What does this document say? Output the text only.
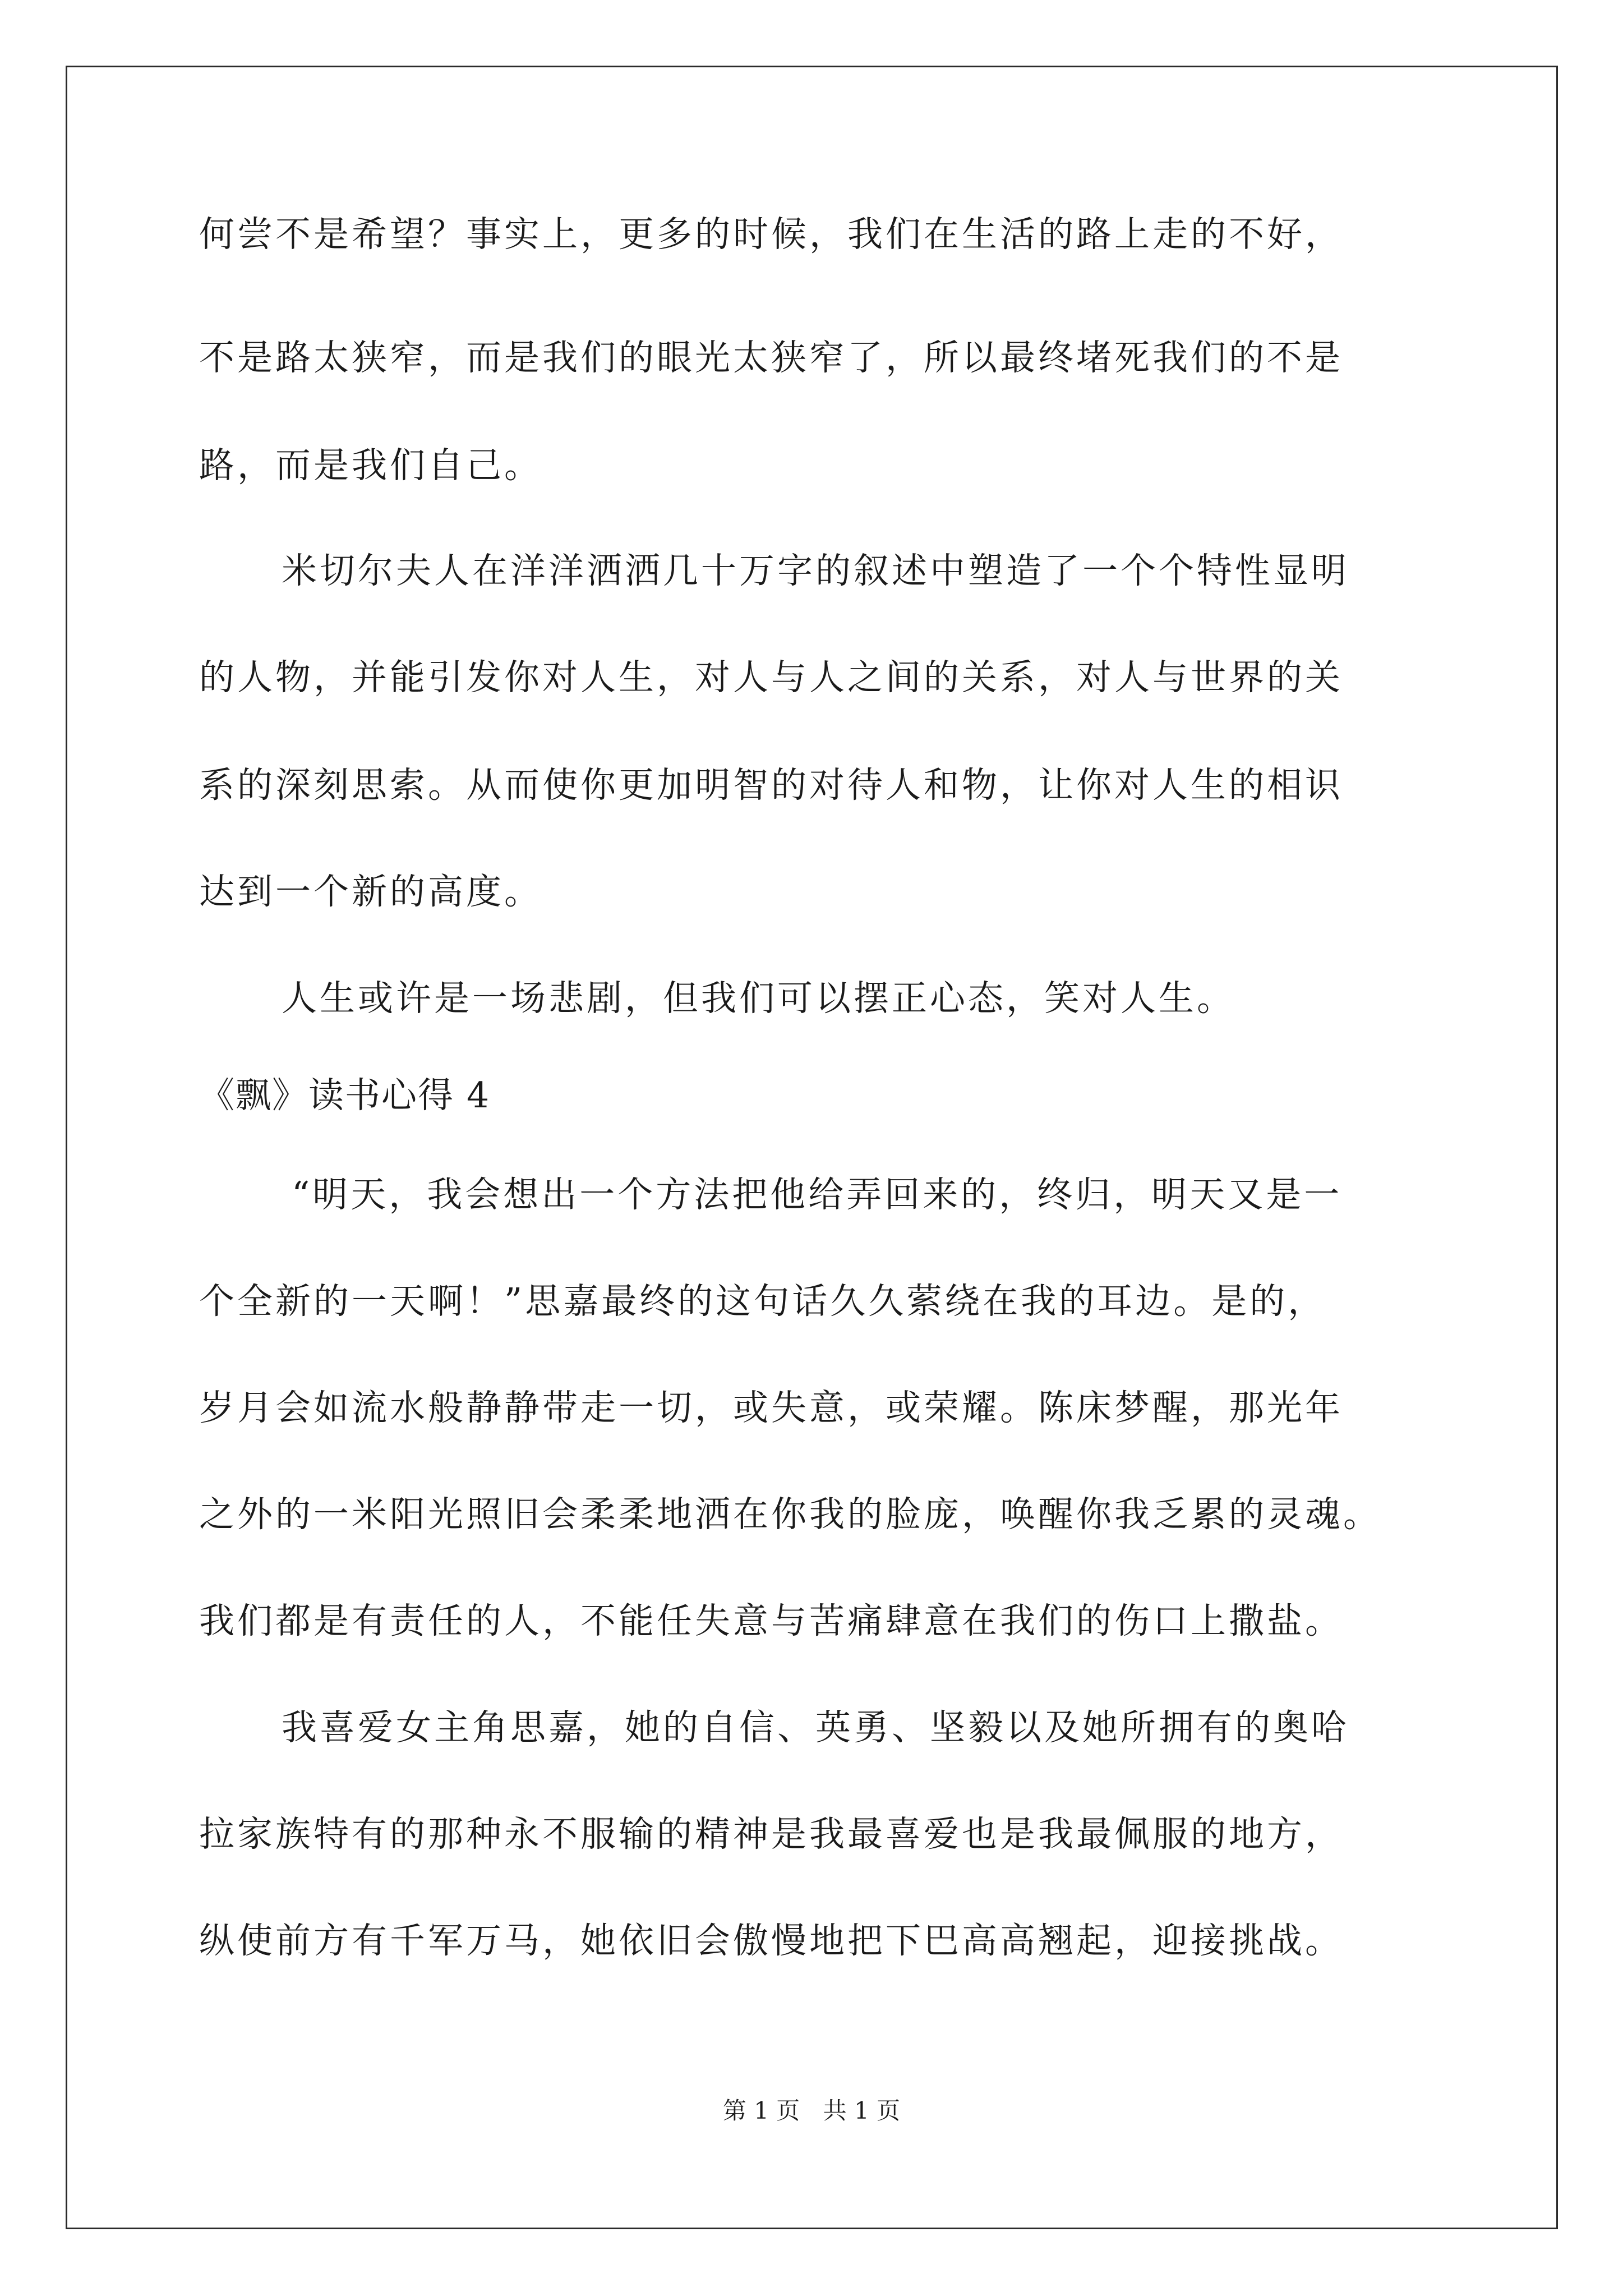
何尝不是希望？事实上，更多的时候，我们在生活的路上走的不好，
不是路太狭窄，而是我们的眼光太狭窄了，所以最终堵死我们的不是
路，而是我们自己。
米切尔夫人在洋洋洒洒几十万字的叙述中塑造了一个个特性显明
的人物，并能引发你对人生，对人与人之间的关系，对人与世界的关
系的深刻思索。从而使你更加明智的对待人和物，让你对人生的相识
达到一个新的高度。
人生或许是一场悲剧，但我们可以摆正心态，笑对人生。
《飘》读书心得 4
“明天，我会想出一个方法把他给弄回来的，终归，明天又是一
个全新的一天啊！”思嘉最终的这句话久久萦绕在我的耳边。是的，
岁月会如流水般静静带走一切，或失意，或荣耀。陈床梦醒，那光年
之外的一米阳光照旧会柔柔地洒在你我的脸庞，唤醒你我乏累的灵魂。
我们都是有责任的人，不能任失意与苦痛肆意在我们的伤口上撒盐。
我喜爱女主角思嘉，她的自信、英勇、坚毅以及她所拥有的奥哈
拉家族特有的那种永不服输的精神是我最喜爱也是我最佩服的地方，
纵使前方有千军万马，她依旧会傲慢地把下巴高高翘起，迎接挑战。
第 1 页 共 1 页
